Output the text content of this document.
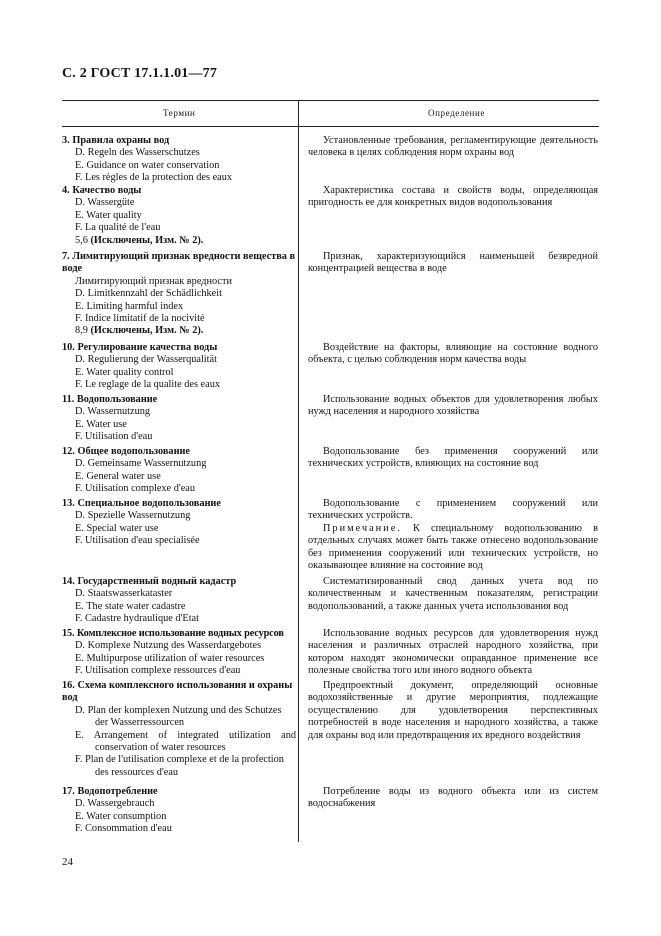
С. 2 ГОСТ 17.1.1.01—77
Термин	Определение
3. Правила охраны вод
D. Regeln des Wasserschutzes
E. Guidance on water conservation
F. Les règles de la protection des eaux
4. Качество воды
D. Wassergüte
E. Water quality
F. La qualité de l'eau
5,6 (Исключены, Изм. № 2).
7. Лимитирующий признак вредности вещества в воде
Лимитирующий признак вредности
D. Limitkennzahl der Schädlichkeit
E. Limiting harmful index
F. Indice limitatif de la nocivité
8,9 (Исключены, Изм. № 2).
10. Регулирование качества воды
D. Regulierung der Wasserqualität
E. Water quality control
F. Le reglage de la qualite des eaux
11. Водопользование
D. Wassernutzung
E. Water use
F. Utilisation d'eau
12. Общее водопользование
D. Gemeinsame Wassernutzung
E. General water use
F. Utilisation complexe d'eau
13. Специальное водопользование
D. Spezielle Wassernutzung
E. Special water use
F. Utilisation d'eau specialisée
14. Государственный водный кадастр
D. Staatswasserkataster
E. The state water cadastre
F. Cadastre hydraulique d'Etat
15. Комплексное использование водных ресурсов
D. Komplexe Nutzung des Wasserdargebotes
E. Multipurpose utilization of water resources
F. Utilisation complexe ressources d'eau
16. Схема комплексного использования и охраны вод
D. Plan der komplexen Nutzung und des Schutzes der Wasserressourcen
E. Arrangement of integrated utilization and conservation of water resources
F. Plan de l'utilisation complexe et de la profection des ressources d'eau
17. Водопотребление
D. Wassergebrauch
E. Water consumption
F. Consommation d'eau
Установленные требования, регламентирующие деятельность человека в целях соблюдения норм охраны вод
Характеристика состава и свойств воды, определяющая пригодность ее для конкретных видов водопользования
Признак, характеризующийся наименьшей безвредной концентрацией вещества в воде
Воздействие на факторы, влияющие на состояние водного объекта, с целью соблюдения норм качества воды
Использование водных объектов для удовлетворения любых нужд населения и народного хозяйства
Водопользование без применения сооружений или технических устройств, влияющих на состояние вод

Водопользование с применением сооружений или технических устройств.

Примечание. К специальному водопользованию в отдельных случаях может быть также отнесено водопользование без применения сооружений или технических устройств, но оказывающее влияние на состояние вод

Систематизированный свод данных учета вод по количественным и качественным показателям, регистрации водопользований, а также данных учета использования вод
Использование водных ресурсов для удовлетворения нужд населения и различных отраслей народного хозяйства, при котором находят экономически оправданное применение все полезные свойства того или иного водного объекта
Предпроектный документ, определяющий основные водохозяйственные и другие мероприятия, подлежащие осуществлению для удовлетворения перспективных потребностей в воде населения и народного хозяйства, а также для охраны вод или предотвращения их вредного воздействия
Потребление воды из водного объекта или из систем водоснабжения
24
